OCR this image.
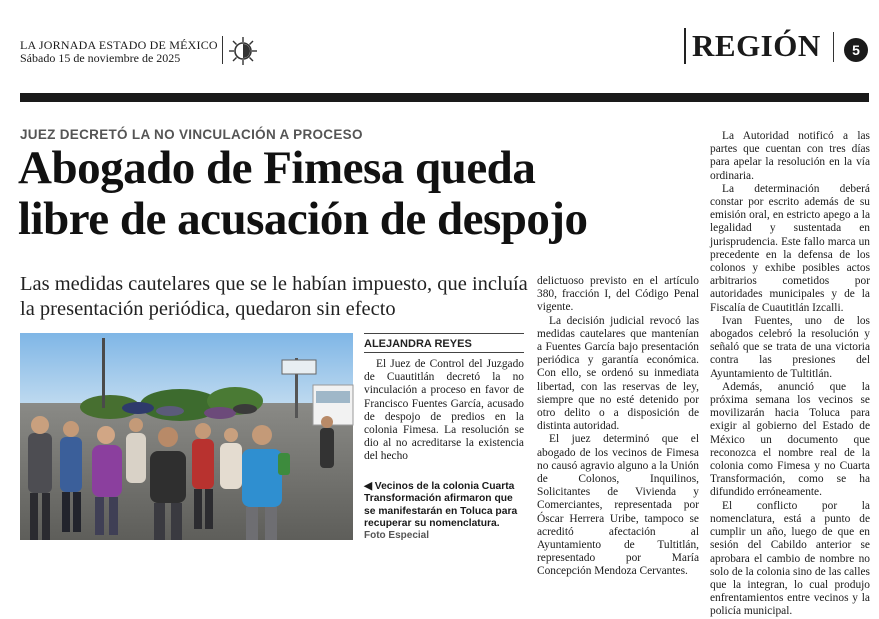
LA JORNADA ESTADO DE MÉXICO
Sábado 15 de noviembre de 2025	REGIÓN	5
JUEZ DECRETÓ LA NO VINCULACIÓN A PROCESO
Abogado de Fimesa queda
libre de acusación de despojo
Las medidas cautelares que se le habían impuesto, que incluía la presentación periódica, quedaron sin efecto
ALEJANDRA REYES

El Juez de Control del Juzgado de Cuautitlán decretó la no vinculación a proceso en favor de Francisco Fuentes García, acusado de despojo de predios en la colonia Fimesa. La resolución se dio al no acreditarse la existencia del hecho

◀ Vecinos de la colonia Cuarta Transformación afirmaron que se manifestarán en Toluca para recuperar su nomenclatura.
Foto Especial

delictuoso previsto en el artículo 380, fracción I, del Código Penal vigente.

La decisión judicial revocó las medidas cautelares que mantenían a Fuentes García bajo presentación periódica y garantía económica. Con ello, se ordenó su inmediata libertad, con las reservas de ley, siempre que no esté detenido por otro delito o a disposición de distinta autoridad.

El juez determinó que el abogado de los vecinos de Fimesa no causó agravio alguno a la Unión de Colonos, Inquilinos, Solicitantes de Vivienda y Comerciantes, representada por Óscar Herrera Uribe, tampoco se acreditó afectación al Ayuntamiento de Tultitlán, representado por María Concepción Mendoza Cervantes.

La Autoridad notificó a las partes que cuentan con tres días para apelar la resolución en la vía ordinaria.

La determinación deberá constar por escrito además de su emisión oral, en estricto apego a la legalidad y sustentada en jurisprudencia. Este fallo marca un precedente en la defensa de los colonos y exhibe posibles actos arbitrarios cometidos por autoridades municipales y de la Fiscalía de Cuautitlán Izcalli.

Ivan Fuentes, uno de los abogados celebró la resolución y señaló que se trata de una victoria contra las presiones del Ayuntamiento de Tultitlán.

Además, anunció que la próxima semana los vecinos se movilizarán hacia Toluca para exigir al gobierno del Estado de México un documento que reconozca el nombre real de la colonia como Fimesa y no Cuarta Transformación, como se ha difundido erróneamente.

El conflicto por la nomenclatura, está a punto de cumplir un año, luego de que en sesión del Cabildo anterior se aprobara el cambio de nombre no solo de la colonia sino de las calles que la integran, lo cual produjo enfrentamientos entre vecinos y la policía municipal.
